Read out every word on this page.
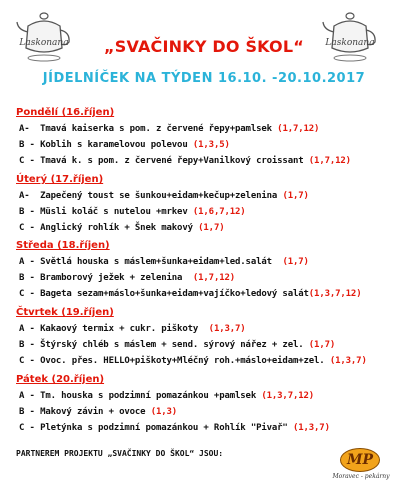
Laskonana	Laskonana
„SVAČINKY DO ŠKOL“
JÍDELNÍČEK NA TÝDEN 16.10. -20.10.2017
Pondělí (16.říjen)
A-  Tmavá kaiserka s pom. z červené řepy+pamlsek (1,7,12)
B - Koblih s karamelovou polevou (1,3,5)
C - Tmavá k. s pom. z červené řepy+Vanilkový croissant (1,7,12)
Úterý (17.říjen)
A-  Zapečený toust se šunkou+eidam+kečup+zelenina (1,7)
B - Müsli koláč s nutelou +mrkev (1,6,7,12)
C - Anglický rohlík + Šnek makový (1,7)
Středa (18.říjen)
A - Světlá houska s máslem+šunka+eidam+led.salát  (1,7)
B - Bramborový ježek + zelenina  (1,7,12)
C - Bageta sezam+máslo+šunka+eidam+vajíčko+ledový salát(1,3,7,12)
Čtvrtek (19.říjen)
A - Kakaový termix + cukr. piškoty  (1,3,7)
B - Štýrský chléb s máslem + send. sýrový nářez + zel. (1,7)
C - Ovoc. přes. HELLO+piškoty+Mléčný roh.+máslo+eidam+zel. (1,3,7)
Pátek (20.říjen)
A - Tm. houska s podzimní pomazánkou +pamlsek (1,3,7,12)
B - Makový závin + ovoce (1,3)
C - Pletýnka s podzimní pomazánkou + Rohlík "Pivař" (1,3,7)
PARTNEREM PROJEKTU „SVAČINKY DO ŠKOL“ JSOU:	MP
Moravec - pekárny
